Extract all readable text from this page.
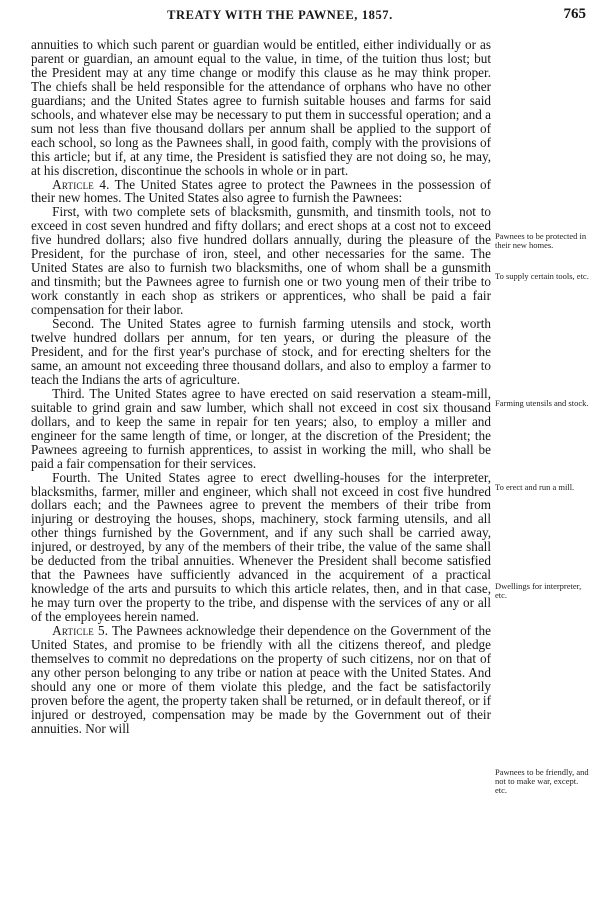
TREATY WITH THE PAWNEE, 1857.	765

annuities to which such parent or guardian would be entitled, either individually or as parent or guardian, an amount equal to the value, in time, of the tuition thus lost; but the President may at any time change or modify this clause as he may think proper. The chiefs shall be held responsible for the attendance of orphans who have no other guardians; and the United States agree to furnish suitable houses and farms for said schools, and whatever else may be necessary to put them in successful operation; and a sum not less than five thousand dollars per annum shall be applied to the support of each school, so long as the Pawnees shall, in good faith, comply with the provisions of this article; but if, at any time, the President is satisfied they are not doing so, he may, at his discretion, discontinue the schools in whole or in part.

Article 4. The United States agree to protect the Pawnees in the possession of their new homes. The United States also agree to furnish the Pawnees:

First, with two complete sets of blacksmith, gunsmith, and tinsmith tools, not to exceed in cost seven hundred and fifty dollars; and erect shops at a cost not to exceed five hundred dollars; also five hundred dollars annually, during the pleasure of the President, for the purchase of iron, steel, and other necessaries for the same. The United States are also to furnish two blacksmiths, one of whom shall be a gunsmith and tinsmith; but the Pawnees agree to furnish one or two young men of their tribe to work constantly in each shop as strikers or apprentices, who shall be paid a fair compensation for their labor.

Second. The United States agree to furnish farming utensils and stock, worth twelve hundred dollars per annum, for ten years, or during the pleasure of the President, and for the first year's purchase of stock, and for erecting shelters for the same, an amount not exceeding three thousand dollars, and also to employ a farmer to teach the Indians the arts of agriculture.

Third. The United States agree to have erected on said reservation a steam-mill, suitable to grind grain and saw lumber, which shall not exceed in cost six thousand dollars, and to keep the same in repair for ten years; also, to employ a miller and engineer for the same length of time, or longer, at the discretion of the President; the Pawnees agreeing to furnish apprentices, to assist in working the mill, who shall be paid a fair compensation for their services.

Fourth. The United States agree to erect dwelling-houses for the interpreter, blacksmiths, farmer, miller and engineer, which shall not exceed in cost five hundred dollars each; and the Pawnees agree to prevent the members of their tribe from injuring or destroying the houses, shops, machinery, stock farming utensils, and all other things furnished by the Government, and if any such shall be carried away, injured, or destroyed, by any of the members of their tribe, the value of the same shall be deducted from the tribal annuities. Whenever the President shall become satisfied that the Pawnees have sufficiently advanced in the acquirement of a practical knowledge of the arts and pursuits to which this article relates, then, and in that case, he may turn over the property to the tribe, and dispense with the services of any or all of the employees herein named.

Article 5. The Pawnees acknowledge their dependence on the Government of the United States, and promise to be friendly with all the citizens thereof, and pledge themselves to commit no depredations on the property of such citizens, nor on that of any other person belonging to any tribe or nation at peace with the United States. And should any one or more of them violate this pledge, and the fact be satisfactorily proven before the agent, the property taken shall be returned, or in default thereof, or if injured or destroyed, compensation may be made by the Government out of their annuities. Nor will

Pawnees to be protected in their new homes.
To supply certain tools, etc.
Farming utensils and stock.
To erect and run a mill.
Dwellings for interpreter, etc.
Pawnees to be friendly, and not to make war, except. etc.
